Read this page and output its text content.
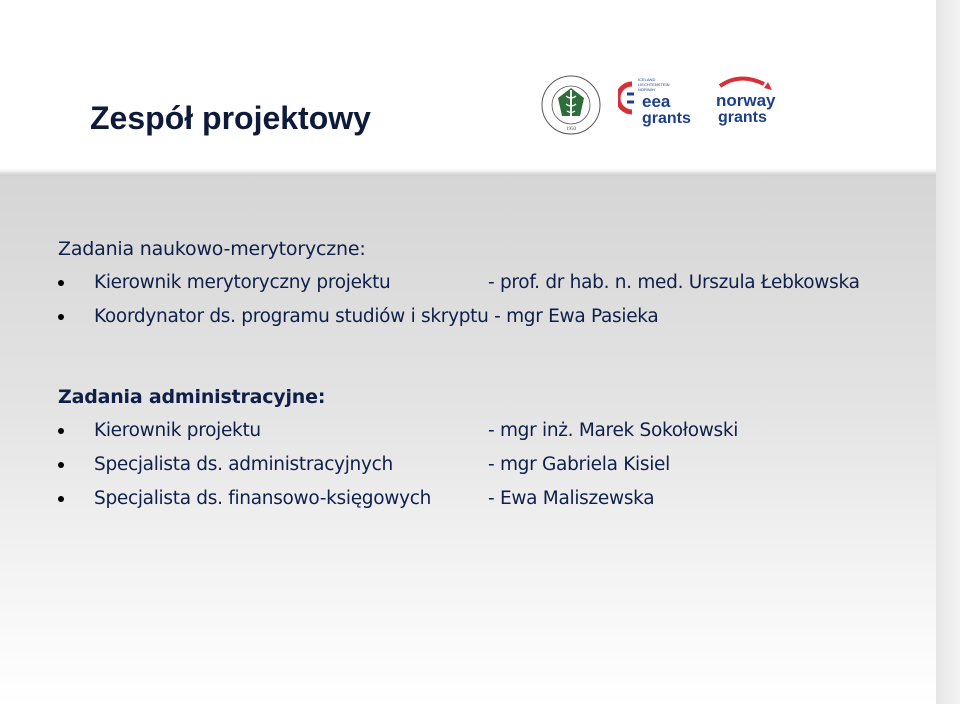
Zespół projektowy	1950
ICELAND
LIECHTENSTEIN
NORWAY
eea
grants
norway
grants
Zadania naukowo-merytoryczne:
Kierownik merytoryczny projektu	- prof. dr hab. n. med. Urszula Łebkowska
Koordynator ds. programu studiów i skryptu - mgr Ewa Pasieka
Zadania administracyjne:
Kierownik projektu	- mgr inż. Marek Sokołowski
Specjalista ds. administracyjnych	- mgr Gabriela Kisiel
Specjalista ds. finansowo-księgowych	- Ewa Maliszewska
